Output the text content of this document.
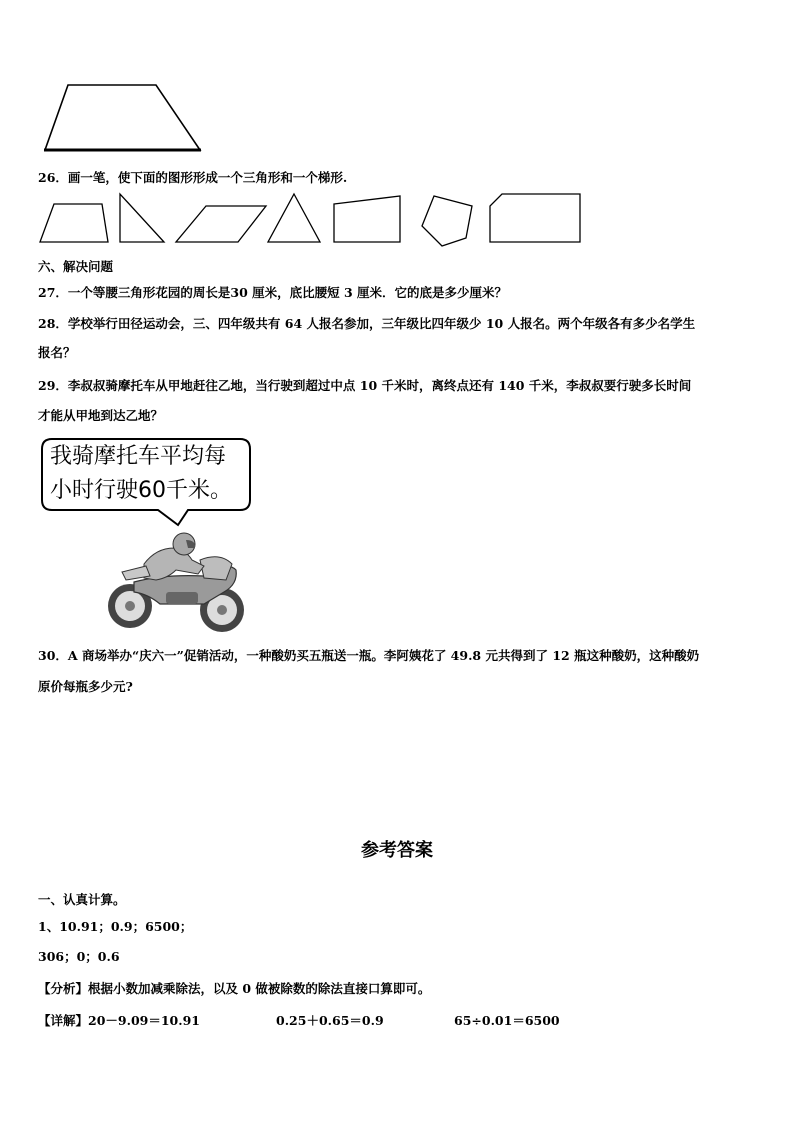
26．画一笔，使下面的图形形成一个三角形和一个梯形.
六、解决问题
27．一个等腰三角形花园的周长是30 厘米，底比腰短 3 厘米．它的底是多少厘米？
28．学校举行田径运动会，三、四年级共有 64 人报名参加，三年级比四年级少 10 人报名。两个年级各有多少名学生
报名？
29．李叔叔骑摩托车从甲地赶往乙地，当行驶到超过中点 10 千米时，离终点还有 140 千米，李叔叔要行驶多长时间
才能从甲地到达乙地？
我骑摩托车平均每
小时行驶60千米。
30．A 商场举办“庆六一”促销活动，一种酸奶买五瓶送一瓶。李阿姨花了 49.8 元共得到了 12 瓶这种酸奶，这种酸奶
原价每瓶多少元?
参考答案
一、认真计算。
1、10.91；0.9；6500；
306；0；0.6
【分析】根据小数加减乘除法，以及 0 做被除数的除法直接口算即可。
【详解】20－9.09＝10.91	0.25＋0.65＝0.9	65÷0.01＝6500
